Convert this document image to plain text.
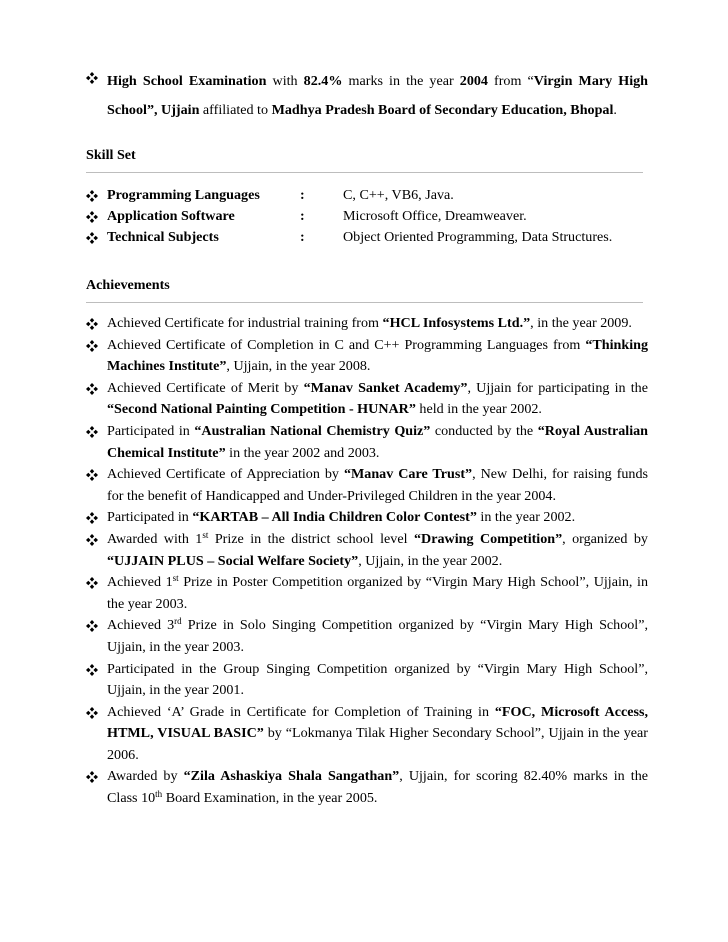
High School Examination with 82.4% marks in the year 2004 from “Virgin Mary High School”, Ujjain affiliated to Madhya Pradesh Board of Secondary Education, Bhopal.
Skill Set
Programming Languages	:	C, C++, VB6, Java.
Application Software	:	Microsoft Office, Dreamweaver.
Technical Subjects	:	Object Oriented Programming, Data Structures.
Achievements
Achieved Certificate for industrial training from “HCL Infosystems Ltd.”, in the year 2009.
Achieved Certificate of Completion in C and C++ Programming Languages from “Thinking Machines Institute”, Ujjain, in the year 2008.
Achieved Certificate of Merit by “Manav Sanket Academy”, Ujjain for participating in the “Second National Painting Competition - HUNAR” held in the year 2002.
Participated in “Australian National Chemistry Quiz” conducted by the “Royal Australian Chemical Institute” in the year 2002 and 2003.
Achieved Certificate of Appreciation by “Manav Care Trust”, New Delhi, for raising funds for the benefit of Handicapped and Under-Privileged Children in the year 2004.
Participated in “KARTAB – All India Children Color Contest” in the year 2002.
Awarded with 1st Prize in the district school level “Drawing Competition”, organized by “UJJAIN PLUS – Social Welfare Society”, Ujjain, in the year 2002.
Achieved 1st Prize in Poster Competition organized by “Virgin Mary High School”, Ujjain, in the year 2003.
Achieved 3rd Prize in Solo Singing Competition organized by “Virgin Mary High School”, Ujjain, in the year 2003.
Participated in the Group Singing Competition organized by “Virgin Mary High School”, Ujjain, in the year 2001.
Achieved ‘A’ Grade in Certificate for Completion of Training in “FOC, Microsoft Access, HTML, VISUAL BASIC” by “Lokmanya Tilak Higher Secondary School”, Ujjain in the year 2006.
Awarded by “Zila Ashaskiya Shala Sangathan”, Ujjain, for scoring 82.40% marks in the Class 10th Board Examination, in the year 2005.
